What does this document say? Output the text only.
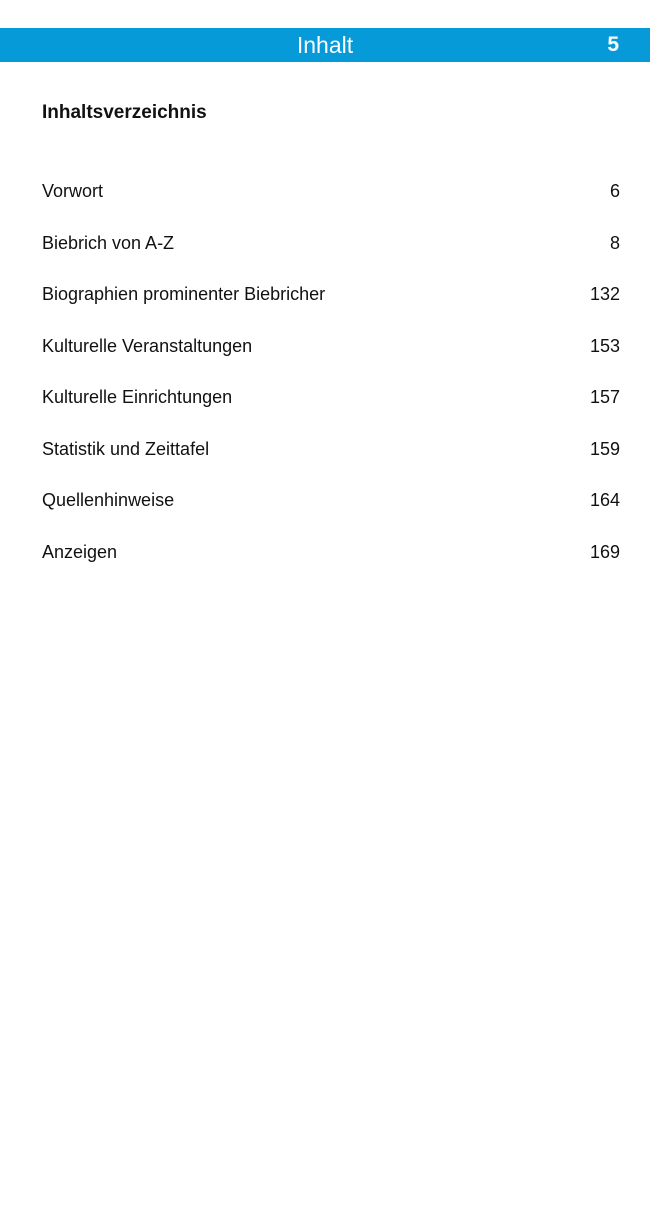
Inhalt	5
Inhaltsverzeichnis
Vorwort	6
Biebrich von A-Z	8
Biographien prominenter Biebricher	132
Kulturelle Veranstaltungen	153
Kulturelle Einrichtungen	157
Statistik und Zeittafel	159
Quellenhinweise	164
Anzeigen	169
